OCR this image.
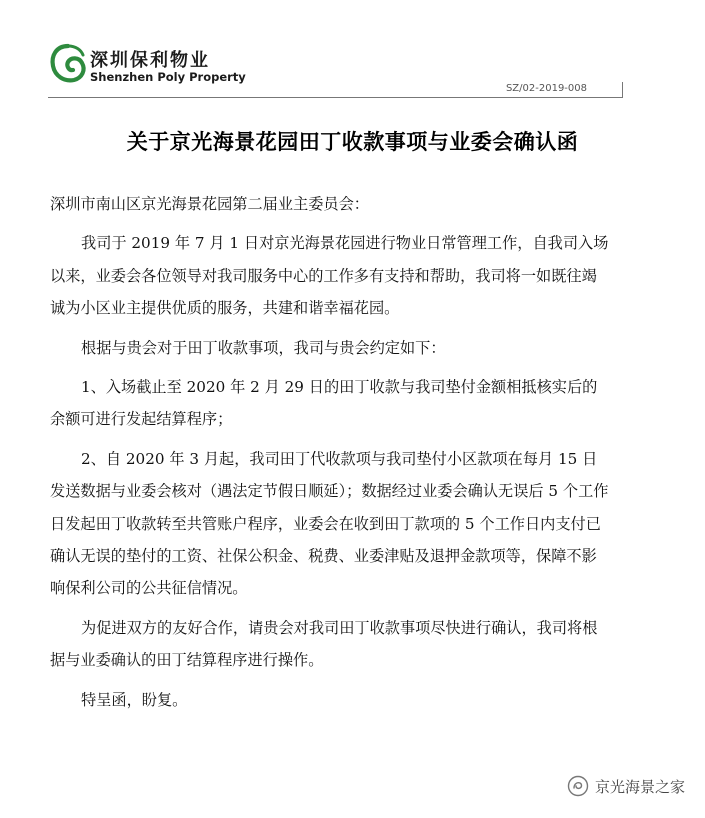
深圳保利物业
Shenzhen Poly Property
SZ/02-2019-008
关于京光海景花园田丁收款事项与业委会确认函

深圳市南山区京光海景花园第二届业主委员会：

我司于 2019 年 7 月 1 日对京光海景花园进行物业日常管理工作，自我司入场以来，业委会各位领导对我司服务中心的工作多有支持和帮助，我司将一如既往竭诚为小区业主提供优质的服务，共建和谐幸福花园。

根据与贵会对于田丁收款事项，我司与贵会约定如下：

1、入场截止至 2020 年 2 月 29 日的田丁收款与我司垫付金额相抵核实后的余额可进行发起结算程序；

2、自 2020 年 3 月起，我司田丁代收款项与我司垫付小区款项在每月 15 日发送数据与业委会核对（遇法定节假日顺延）；数据经过业委会确认无误后 5 个工作日发起田丁收款转至共管账户程序，业委会在收到田丁款项的 5 个工作日内支付已确认无误的垫付的工资、社保公积金、税费、业委津贴及退押金款项等，保障不影响保利公司的公共征信情况。

为促进双方的友好合作，请贵会对我司田丁收款事项尽快进行确认，我司将根据与业委确认的田丁结算程序进行操作。

特呈函，盼复。

京光海景之家
